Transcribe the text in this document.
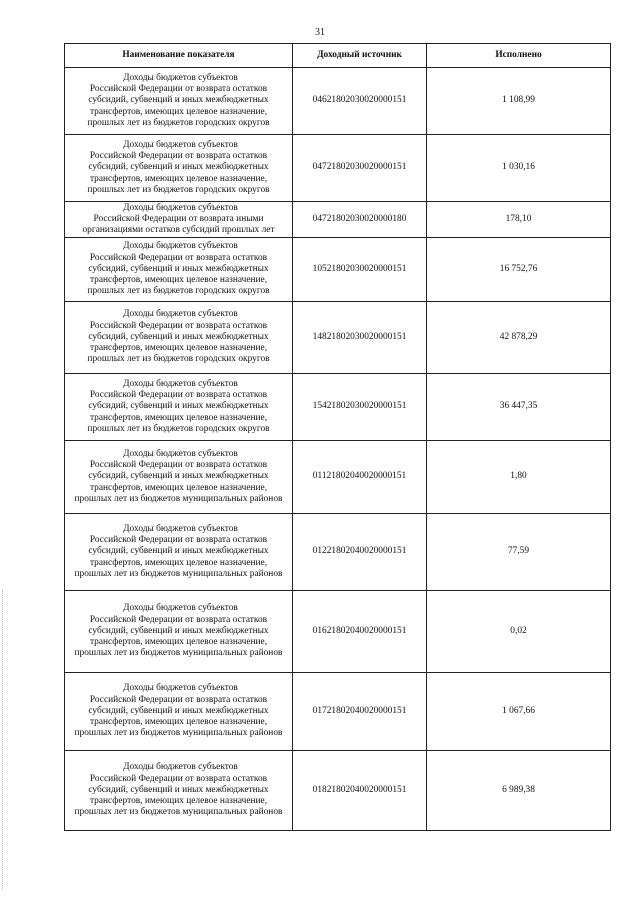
31
Наименование показателя	Доходный источник	Исполнено

Доходы бюджетов субъектов
Российской Федерации от возврата остатков
субсидий, субвенций и иных межбюджетных
трансфертов, имеющих целевое назначение,
прошлых лет из бюджетов городских округов	04621802030020000151	1 108,99

Доходы бюджетов субъектов
Российской Федерации от возврата остатков
субсидий, субвенций и иных межбюджетных
трансфертов, имеющих целевое назначение,
прошлых лет из бюджетов городских округов	04721802030020000151	1 030,16

Доходы бюджетов субъектов
Российской Федерации от возврата иными
организациями остатков субсидий прошлых лет	04721802030020000180	178,10

Доходы бюджетов субъектов
Российской Федерации от возврата остатков
субсидий, субвенций и иных межбюджетных
трансфертов, имеющих целевое назначение,
прошлых лет из бюджетов городских округов	10521802030020000151	16 752,76

Доходы бюджетов субъектов
Российской Федерации от возврата остатков
субсидий, субвенций и иных межбюджетных
трансфертов, имеющих целевое назначение,
прошлых лет из бюджетов городских округов	14821802030020000151	42 878,29

Доходы бюджетов субъектов
Российской Федерации от возврата остатков
субсидий, субвенций и иных межбюджетных
трансфертов, имеющих целевое назначение,
прошлых лет из бюджетов городских округов	15421802030020000151	36 447,35

Доходы бюджетов субъектов
Российской Федерации от возврата остатков
субсидий, субвенций и иных межбюджетных
трансфертов, имеющих целевое назначение,
прошлых лет из бюджетов муниципальных районов	01121802040020000151	1,80

Доходы бюджетов субъектов
Российской Федерации от возврата остатков
субсидий, субвенций и иных межбюджетных
трансфертов, имеющих целевое назначение,
прошлых лет из бюджетов муниципальных районов	01221802040020000151	77,59

Доходы бюджетов субъектов
Российской Федерации от возврата остатков
субсидий, субвенций и иных межбюджетных
трансфертов, имеющих целевое назначение,
прошлых лет из бюджетов муниципальных районов	01621802040020000151	0,02

Доходы бюджетов субъектов
Российской Федерации от возврата остатков
субсидий, субвенций и иных межбюджетных
трансфертов, имеющих целевое назначение,
прошлых лет из бюджетов муниципальных районов	01721802040020000151	1 067,66

Доходы бюджетов субъектов
Российской Федерации от возврата остатков
субсидий, субвенций и иных межбюджетных
трансфертов, имеющих целевое назначение,
прошлых лет из бюджетов муниципальных районов	01821802040020000151	6 989,38
